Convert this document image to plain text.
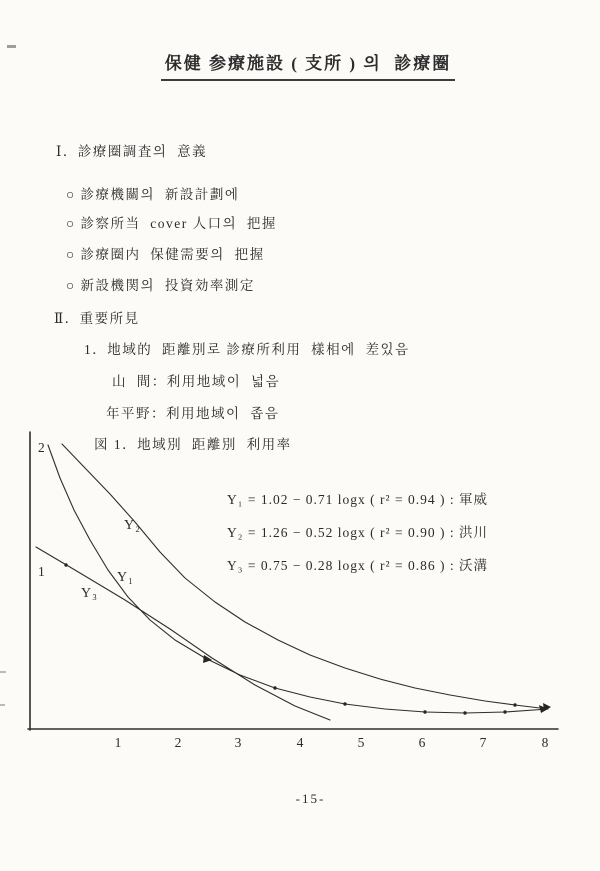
保健 参療施設 ( 支所 ) 의  診療圈

Ⅰ．診療圈調査의  意義
○ 診療機關의  新設計劃에
○ 診察所当  cover 人口의  把握
○ 診療圈内  保健需要의  把握
○ 新設機関의  投資効率測定
Ⅱ．重要所見
1．地域的  距離別로 診療所利用  樣相에  差있음
山  間：利用地域이  넓음
年平野：利用地域이  좁음
図 1．地域別  距離別  利用率
Y₁ = 1.02 − 0.71 logx ( r² = 0.94 ) : 軍威
Y₂ = 1.26 − 0.52 logx ( r² = 0.90 ) : 洪川
Y₃ = 0.75 − 0.28 logx ( r² = 0.86 ) : 沃溝
2
1
1	2	3	4	5	6	7	8
Y₂
Y₁
Y₃

-15-
